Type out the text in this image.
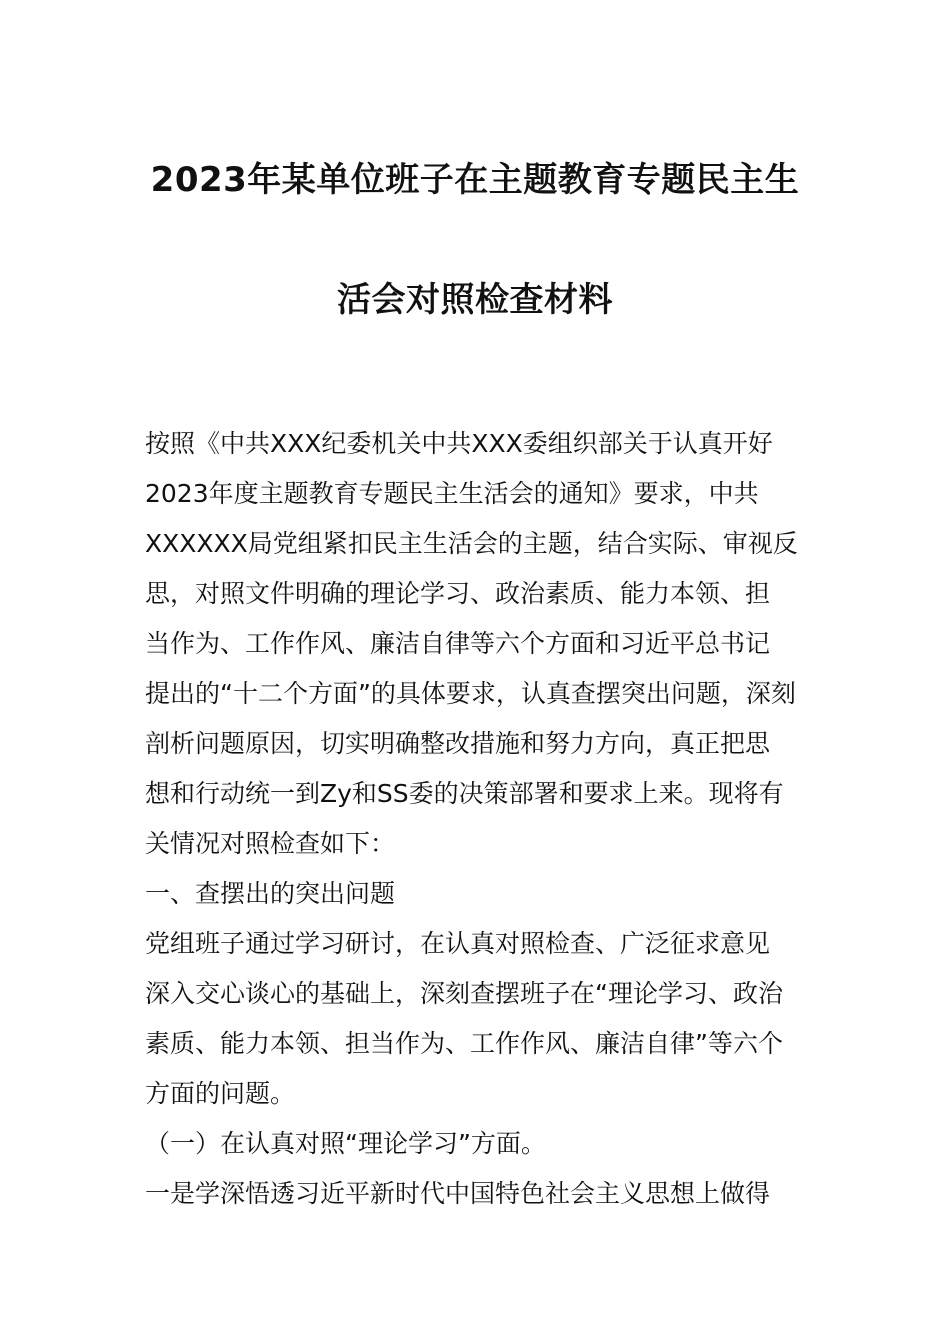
2023年某单位班子在主题教育专题民主生
活会对照检查材料
按照《中共XXX纪委机关中共XXX委组织部关于认真开好
2023年度主题教育专题民主生活会的通知》要求，中共
XXXXXX局党组紧扣民主生活会的主题，结合实际、审视反
思，对照文件明确的理论学习、政治素质、能力本领、担
当作为、工作作风、廉洁自律等六个方面和习近平总书记
提出的“十二个方面”的具体要求，认真查摆突出问题，深刻
剖析问题原因，切实明确整改措施和努力方向，真正把思
想和行动统一到Zy和SS委的决策部署和要求上来。现将有
关情况对照检查如下：
一、查摆出的突出问题
党组班子通过学习研讨，在认真对照检查、广泛征求意见
深入交心谈心的基础上，深刻查摆班子在“理论学习、政治
素质、能力本领、担当作为、工作作风、廉洁自律”等六个
方面的问题。
（一）在认真对照“理论学习”方面。
一是学深悟透习近平新时代中国特色社会主义思想上做得
